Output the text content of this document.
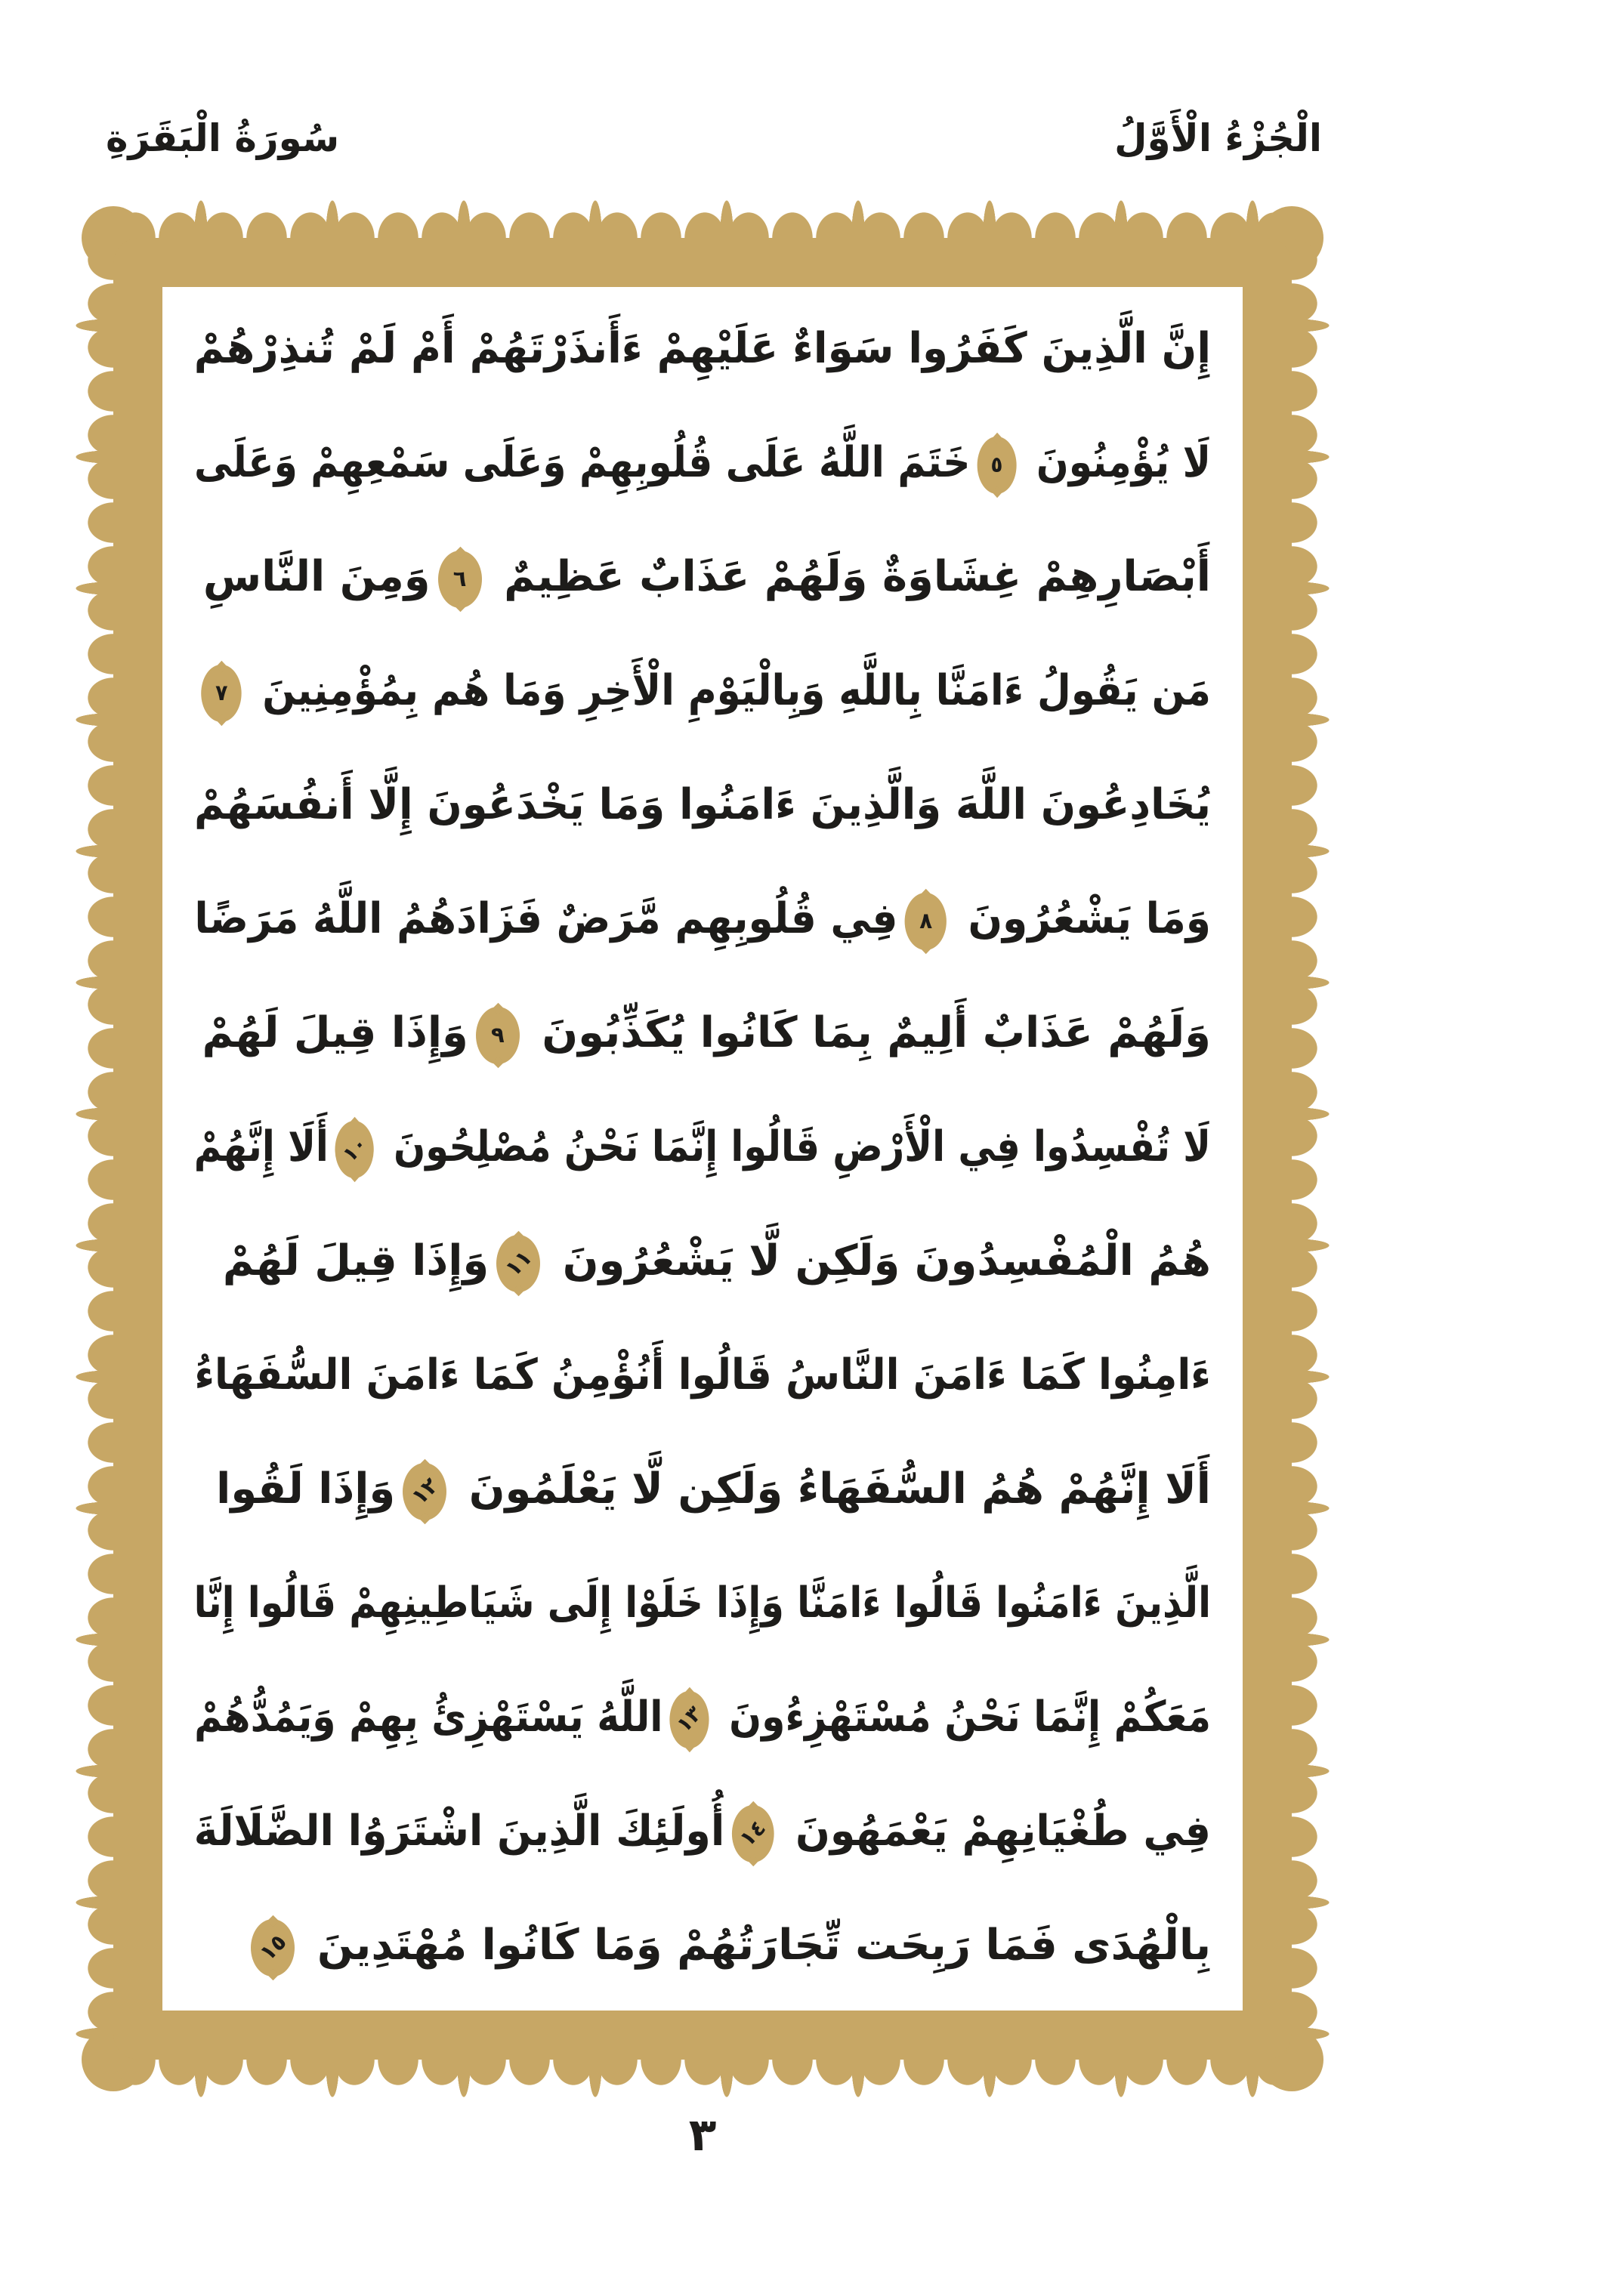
سُورَةُ الْبَقَرَةِ	الْجُزْءُ الْأَوَّلُ
إِنَّ الَّذِينَ كَفَرُوا سَوَاءٌ عَلَيْهِمْ ءَأَنذَرْتَهُمْ أَمْ لَمْ تُنذِرْهُمْ
لَا يُؤْمِنُونَ
٥
خَتَمَ اللَّهُ عَلَى قُلُوبِهِمْ وَعَلَى سَمْعِهِمْ وَعَلَى
أَبْصَارِهِمْ غِشَاوَةٌ وَلَهُمْ عَذَابٌ عَظِيمٌ
٦
وَمِنَ النَّاسِ
مَن يَقُولُ ءَامَنَّا بِاللَّهِ وَبِالْيَوْمِ الْأَخِرِ وَمَا هُم بِمُؤْمِنِينَ
٧
يُخَادِعُونَ اللَّهَ وَالَّذِينَ ءَامَنُوا وَمَا يَخْدَعُونَ إِلَّا أَنفُسَهُمْ
وَمَا يَشْعُرُونَ
٨
فِي قُلُوبِهِم مَّرَضٌ فَزَادَهُمُ اللَّهُ مَرَضًا
وَلَهُمْ عَذَابٌ أَلِيمٌ بِمَا كَانُوا يُكَذِّبُونَ
٩
وَإِذَا قِيلَ لَهُمْ
لَا تُفْسِدُوا فِي الْأَرْضِ قَالُوا إِنَّمَا نَحْنُ مُصْلِحُونَ
١٠
أَلَا إِنَّهُمْ
هُمُ الْمُفْسِدُونَ وَلَكِن لَّا يَشْعُرُونَ
١١
وَإِذَا قِيلَ لَهُمْ
ءَامِنُوا كَمَا ءَامَنَ النَّاسُ قَالُوا أَنُؤْمِنُ كَمَا ءَامَنَ السُّفَهَاءُ
أَلَا إِنَّهُمْ هُمُ السُّفَهَاءُ وَلَكِن لَّا يَعْلَمُونَ
١٢
وَإِذَا لَقُوا
الَّذِينَ ءَامَنُوا قَالُوا ءَامَنَّا وَإِذَا خَلَوْا إِلَى شَيَاطِينِهِمْ قَالُوا إِنَّا
مَعَكُمْ إِنَّمَا نَحْنُ مُسْتَهْزِءُونَ
١٣
اللَّهُ يَسْتَهْزِئُ بِهِمْ وَيَمُدُّهُمْ
فِي طُغْيَانِهِمْ يَعْمَهُونَ
١٤
أُولَئِكَ الَّذِينَ اشْتَرَوُا الضَّلَالَةَ
بِالْهُدَى فَمَا رَبِحَت تِّجَارَتُهُمْ وَمَا كَانُوا مُهْتَدِينَ
١٥
٣
